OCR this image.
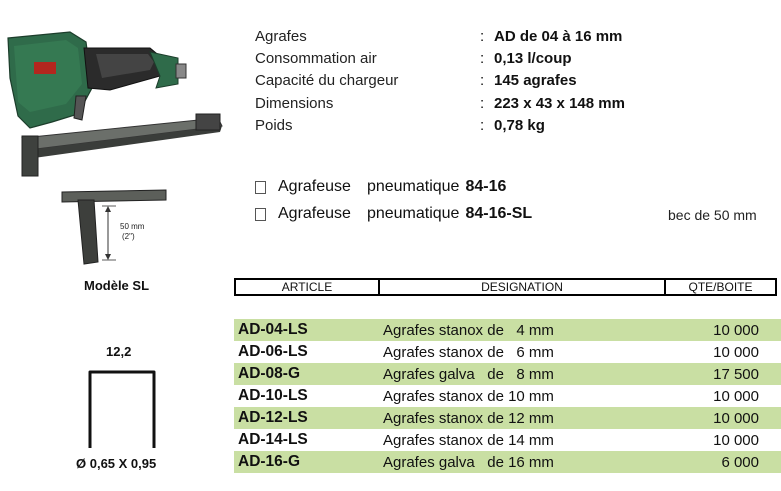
50 mm
(2")
Modèle SL
12,2
Ø 0,65 X 0,95
Agrafes	: AD de 04 à 16 mm
Consommation air	: 0,13 l/coup
Capacité du chargeur	: 145 agrafes
Dimensions	: 223 x 43 x 148 mm
Poids	: 0,78 kg
Agrafeuse pneumatique 84-16
Agrafeuse pneumatique 84-16-SL	bec de 50 mm
ARTICLE	DESIGNATION	QTE/BOITE
AD-04-LS	Agrafes stanox de   4 mm	10 000
AD-06-LS	Agrafes stanox de   6 mm	10 000
AD-08-G	Agrafes galva   de   8 mm	17 500
AD-10-LS	Agrafes stanox de 10 mm	10 000
AD-12-LS	Agrafes stanox de 12 mm	10 000
AD-14-LS	Agrafes stanox de 14 mm	10 000
AD-16-G	Agrafes galva   de 16 mm	6 000
